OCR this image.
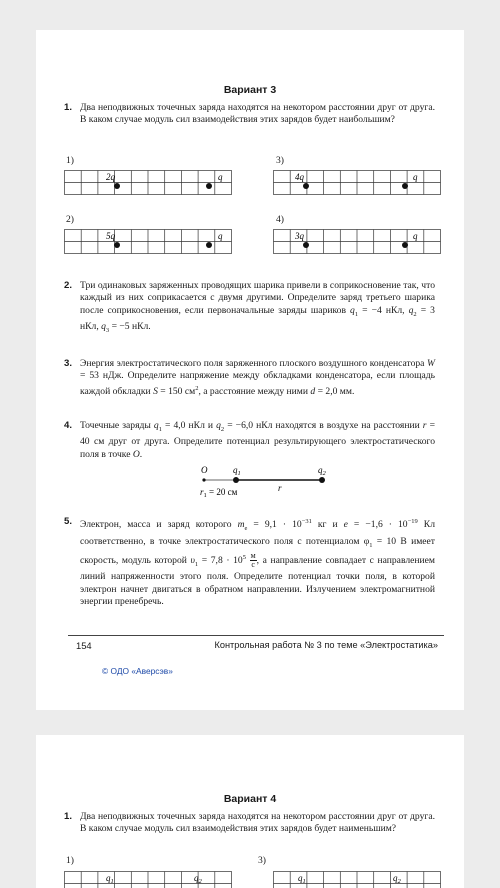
Вариант 3
1. Два неподвижных точечных заряда находятся на некотором расстоянии друг от друга. В каком случае модуль сил взаимодействия этих зарядов будет наибольшим?
1)
2q	q
3)
4q	q
2)
5q	q
4)
3q	q
2. Три одинаковых заряженных проводящих шарика привели в соприкосновение так, что каждый из них соприкасается с двумя другими. Определите заряд третьего шарика после соприкосновения, если первоначальные заряды шариков $q_1 = -4$ нКл, $q_2 = 3$ нКл, $q_3 = -5$ нКл.
3. Энергия электростатического поля заряженного плоского воздушного конденсатора W = 53 нДж. Определите напряжение между обкладками конденсатора, если площадь каждой обкладки S = 150 $см^2$, а расстояние между ними d = 2,0 мм.
4. Точечные заряды $q_1 = 4,0$ нКл и $q_2 = -6,0$ нКл находятся в воздухе на расстоянии r = 40 см друг от друга. Определите потенциал результирующего электростатического поля в точке O.
O	$q_1$	$q_2$
$r_1 = 20$ см	r
5. Электрон, масса и заряд которого $m_e = 9,1 \cdot 10^{-31}$ кг и $e = -1,6 \cdot 10^{-19}$ Кл соответственно, в точке электростатического поля с потенциалом $\varphi_1 = 10$ В имеет скорость, модуль которой $\upsilon_1 = 7,8 \cdot 10^5 \frac{м}{с}$ , а направление совпадает с направлением линий напряженности этого поля. Определите потенциал точки поля, в которой электрон начнет двигаться в обратном направлении. Излучением электромагнитной энергии пренебречь.
154	Контрольная работа № 3 по теме «Электростатика»
© ОДО «Аверсэв»
Вариант 4
1. Два неподвижных точечных заряда находятся на некотором расстоянии друг от друга. В каком случае модуль сил взаимодействия этих зарядов будет наименьшим?
1)
$q_1$	$q_2$
3)
$q_1$	$q_2$
